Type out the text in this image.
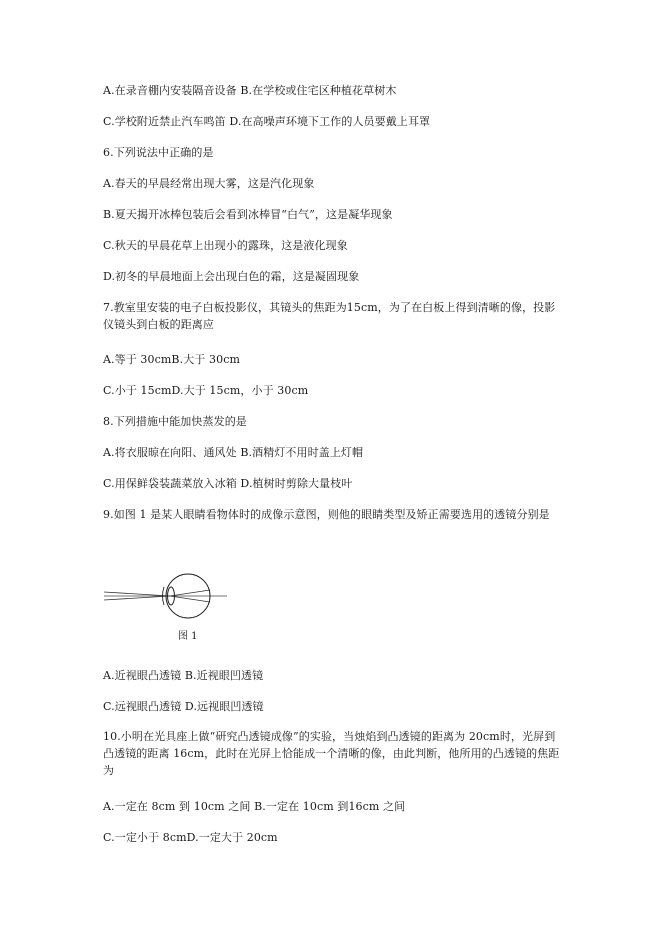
A.在录音棚内安装隔音设备 B.在学校或住宅区种植花草树木
C.学校附近禁止汽车鸣笛 D.在高噪声环境下工作的人员要戴上耳罩
6.下列说法中正确的是
A.春天的早晨经常出现大雾，这是汽化现象
B.夏天揭开冰棒包装后会看到冰棒冒“白气”，这是凝华现象
C.秋天的早晨花草上出现小的露珠，这是液化现象
D.初冬的早晨地面上会出现白色的霜，这是凝固现象
7.教室里安装的电子白板投影仪，其镜头的焦距为15cm，为了在白板上得到清晰的像，投影仪镜头到白板的距离应
A.等于 30cmB.大于 30cm
C.小于 15cmD.大于 15cm，小于 30cm
8.下列措施中能加快蒸发的是
A.将衣服晾在向阳、通风处 B.酒精灯不用时盖上灯帽
C.用保鲜袋装蔬菜放入冰箱 D.植树时剪除大量枝叶
9.如图 1 是某人眼睛看物体时的成像示意图，则他的眼睛类型及矫正需要选用的透镜分别是
图 1
A.近视眼凸透镜 B.近视眼凹透镜
C.远视眼凸透镜 D.远视眼凹透镜
10.小明在光具座上做“研究凸透镜成像”的实验，当烛焰到凸透镜的距离为 20cm时，光屏到凸透镜的距离 16cm，此时在光屏上恰能成一个清晰的像，由此判断，他所用的凸透镜的焦距为
A.一定在 8cm 到 10cm 之间 B.一定在 10cm 到16cm 之间
C.一定小于 8cmD.一定大于 20cm
